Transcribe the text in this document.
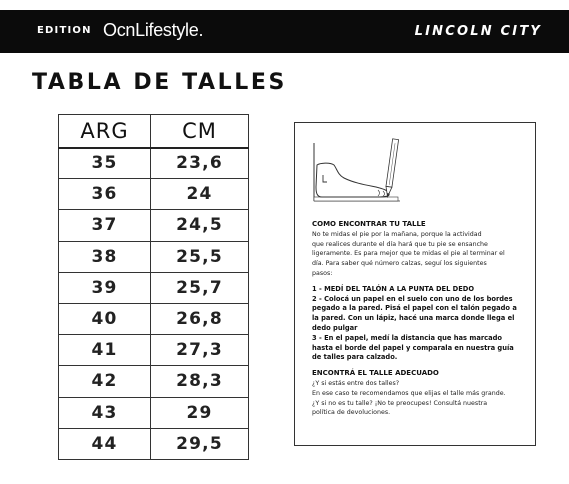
EDITION OcnLifestyle.	LINCOLN CITY
TABLA DE TALLES
ARG	CM
35	23,6
36	24
37	24,5
38	25,5
39	25,7
40	26,8
41	27,3
42	28,3
43	29
44	29,5
COMO ENCONTRAR TU TALLE
No te midas el pie por la mañana, porque la actividad
que realices durante el día hará que tu pie se ensanche
ligeramente. Es para mejor que te midas el pie al terminar el
día. Para saber qué número calzas, seguí los siguientes
pasos:
1 - MEDÍ DEL TALÓN A LA PUNTA DEL DEDO
2 - Colocá un papel en el suelo con uno de los bordes
pegado a la pared. Pisá el papel con el talón pegado a
la pared. Con un lápiz, hacé una marca donde llega el
dedo pulgar
3 - En el papel, medí la distancia que has marcado
hasta el borde del papel y comparala en nuestra guía
de talles para calzado.
ENCONTRÁ EL TALLE ADECUADO
¿Y si estás entre dos talles?
En ese caso te recomendamos que elijas el talle más grande.
¿Y si no es tu talle? ¡No te preocupes! Consultá nuestra
política de devoluciones.
